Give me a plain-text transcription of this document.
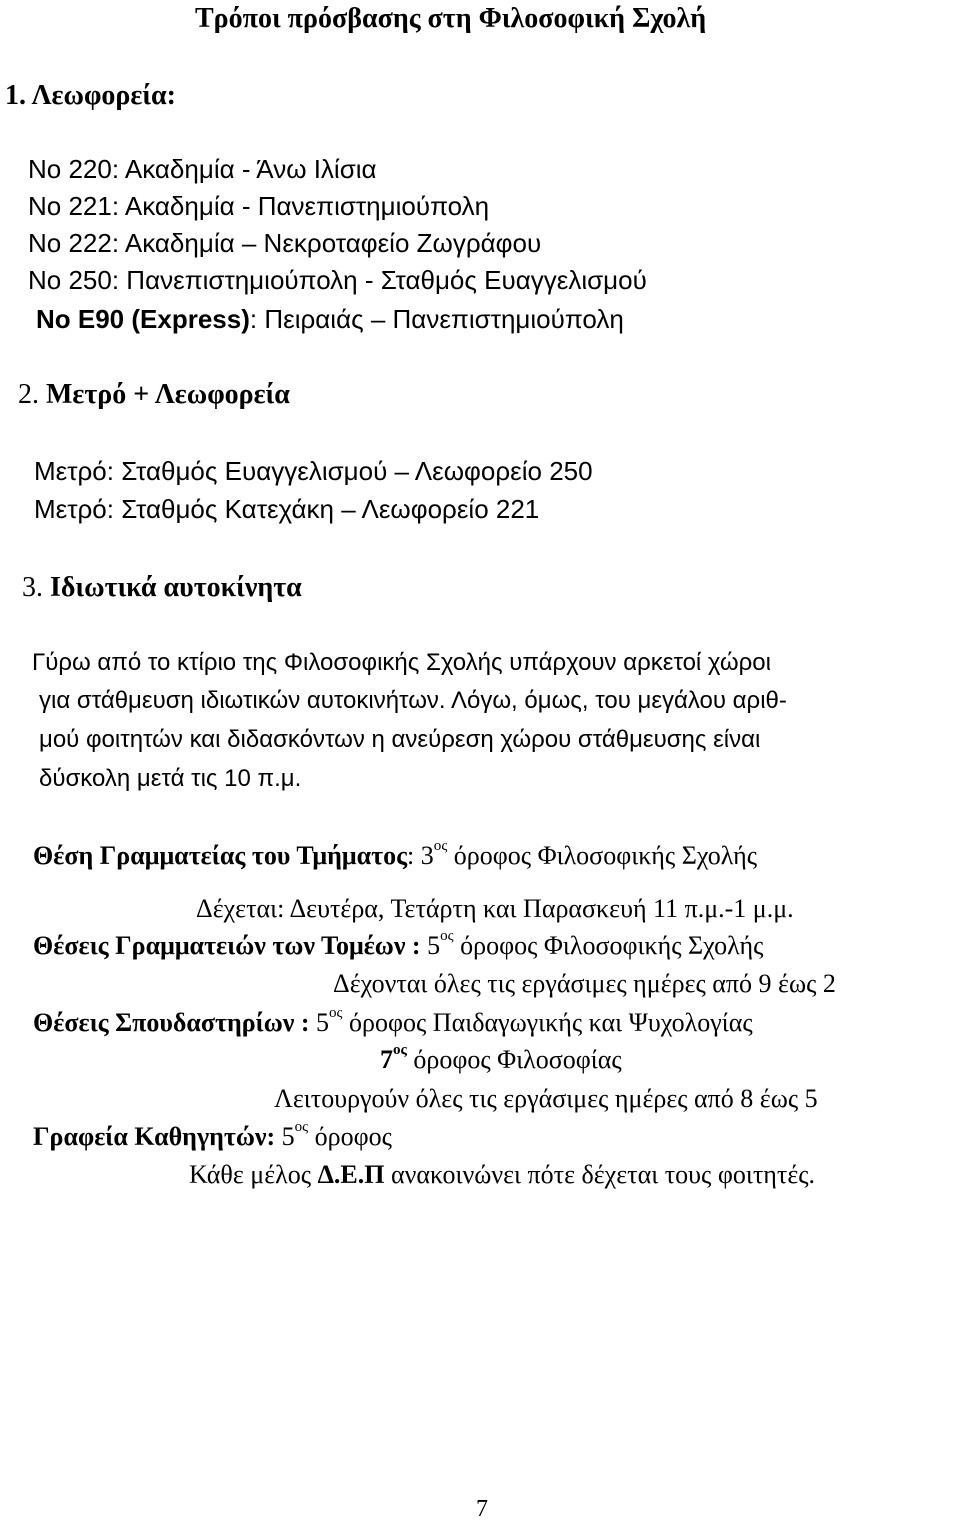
Τρόποι πρόσβασης στη Φιλοσοφική Σχολή
1. Λεωφορεία:
Νο 220: Ακαδημία - Άνω Ιλίσια
Νο 221: Ακαδημία - Πανεπιστημιούπολη
Νο 222: Ακαδημία – Νεκροταφείο Ζωγράφου
Νο 250: Πανεπιστημιούπολη - Σταθμός Ευαγγελισμού
Νο Ε90 (Express): Πειραιάς – Πανεπιστημιούπολη
2. Μετρό + Λεωφορεία
Μετρό: Σταθμός Ευαγγελισμού – Λεωφορείο 250
Μετρό: Σταθμός Κατεχάκη – Λεωφορείο 221
3. Ιδιωτικά αυτοκίνητα
Γύρω από το κτίριο της Φιλοσοφικής Σχολής υπάρχουν αρκετοί χώροι
για στάθμευση ιδιωτικών αυτοκινήτων. Λόγω, όμως, του μεγάλου αριθ-
μού φοιτητών και διδασκόντων η ανεύρεση χώρου στάθμευσης είναι
δύσκολη μετά τις 10 π.μ.
Θέση Γραμματείας του Τμήματος: $3^{o\varsigma}$ όροφος Φιλοσοφικής Σχολής
Δέχεται: Δευτέρα, Τετάρτη και Παρασκευή 11 π.μ.-1 μ.μ.
Θέσεις Γραμματειών των Τομέων : $5^{o\varsigma}$ όροφος Φιλοσοφικής Σχολής
Δέχονται όλες τις εργάσιμες ημέρες από 9 έως 2
Θέσεις Σπουδαστηρίων : $5^{o\varsigma}$ όροφος Παιδαγωγικής και Ψυχολογίας
$7^{o\varsigma}$ όροφος Φιλοσοφίας
Λειτουργούν όλες τις εργάσιμες ημέρες από 8 έως 5
Γραφεία Καθηγητών: $5^{o\varsigma}$ όροφος
Κάθε μέλος Δ.Ε.Π ανακοινώνει πότε δέχεται τους φοιτητές.
7
